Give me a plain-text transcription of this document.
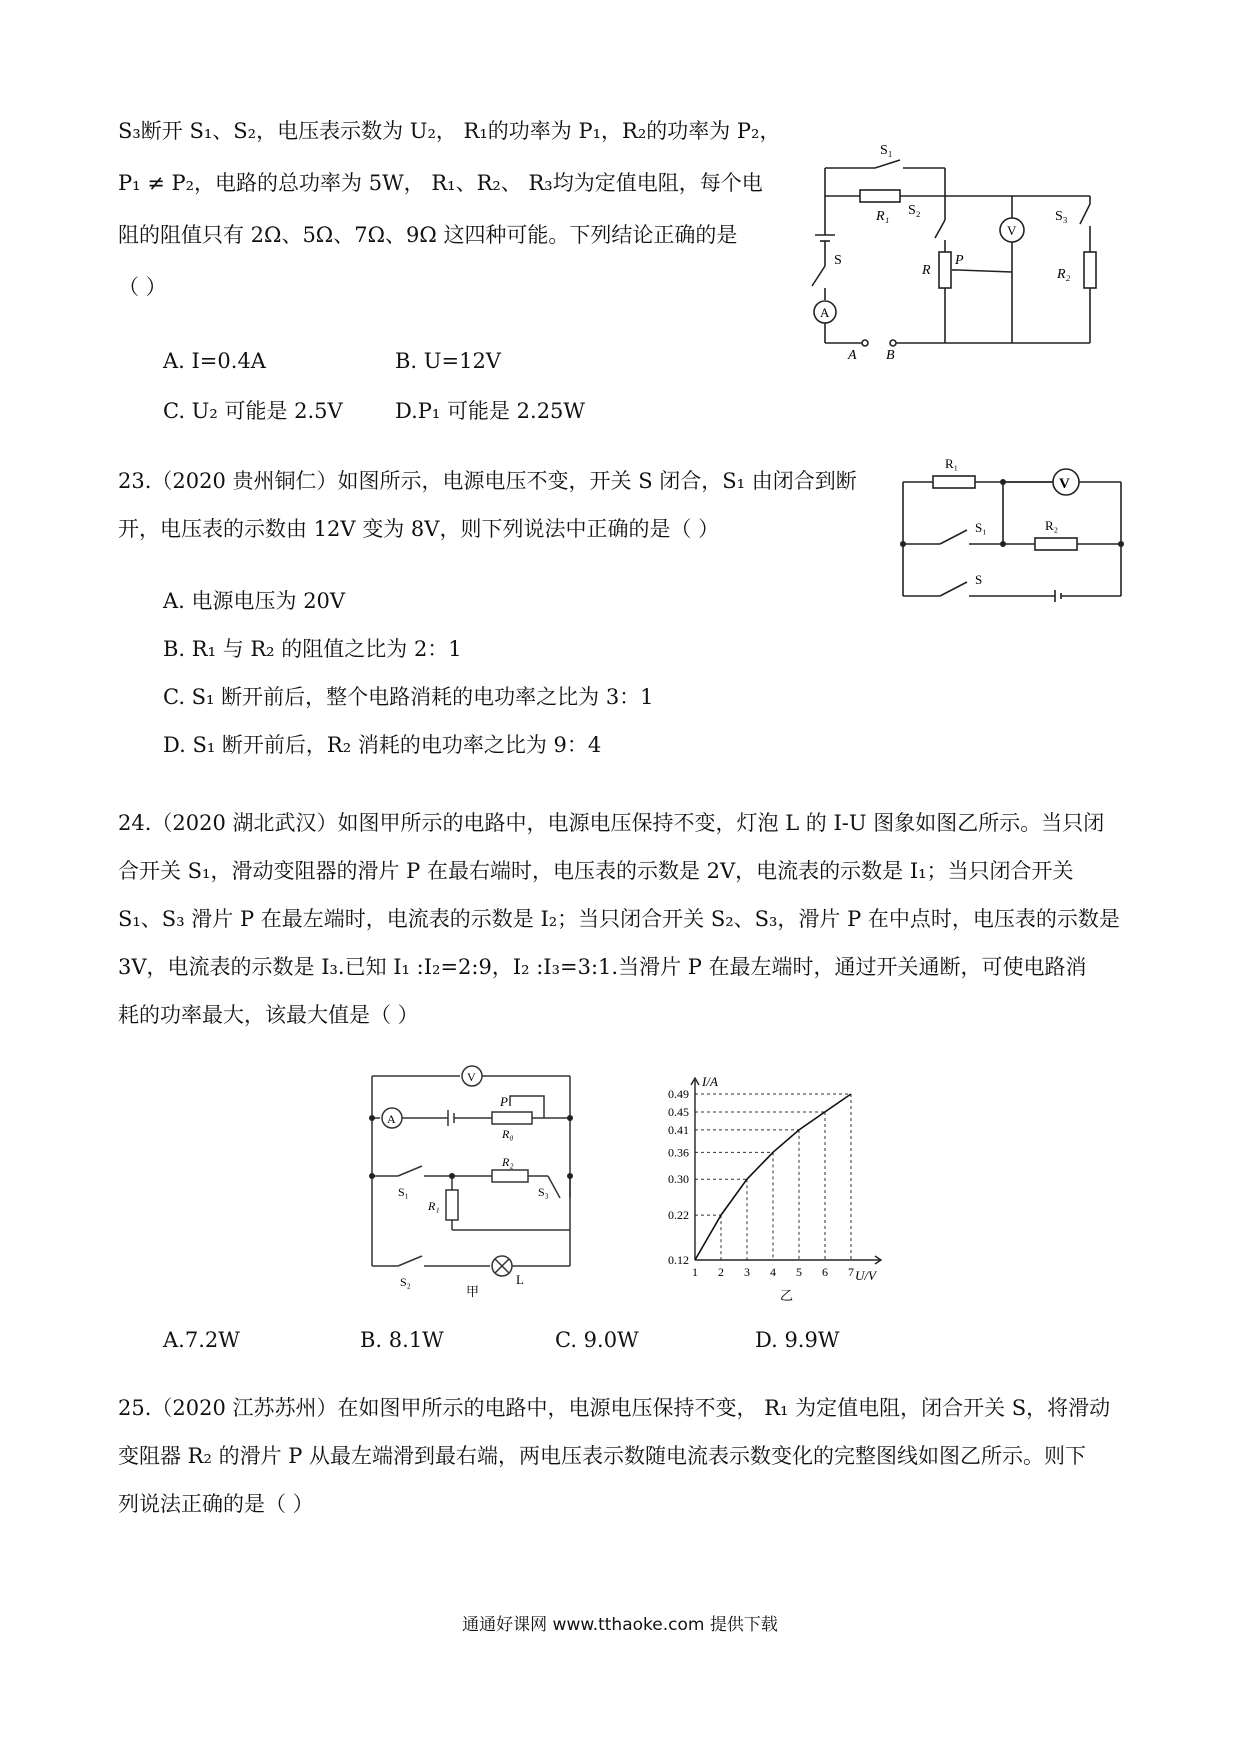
S₃断开 S₁、S₂，电压表示数为 U₂， R₁的功率为 P₁，R₂的功率为 P₂，
P₁ ≠ P₂，电路的总功率为 5W， R₁、R₂、 R₃均为定值电阻，每个电
阻的阻值只有 2Ω、5Ω、7Ω、9Ω 这四种可能。下列结论正确的是
（ ）
A. I=0.4A	B. U=12V
C. U₂ 可能是 2.5V D.P₁ 可能是 2.25W
S₁
R₁ S₂
V
S₃
S
A
R
P
R₂
A B
23.（2020 贵州铜仁）如图所示，电源电压不变，开关 S 闭合，S₁ 由闭合到断
开，电压表的示数由 12V 变为 8V，则下列说法中正确的是（ ）
A. 电源电压为 20V
B. R₁ 与 R₂ 的阻值之比为 2：1
C. S₁ 断开前后，整个电路消耗的电功率之比为 3：1
D. S₁ 断开前后，R₂ 消耗的电功率之比为 9：4
R₁
V
S₁	R₂
S
24.（2020 湖北武汉）如图甲所示的电路中，电源电压保持不变，灯泡 L 的 I-U 图象如图乙所示。当只闭
合开关 S₁，滑动变阻器的滑片 P 在最右端时，电压表的示数是 2V，电流表的示数是 I₁；当只闭合开关
S₁、S₃ 滑片 P 在最左端时，电流表的示数是 I₂；当只闭合开关 S₂、S₃，滑片 P 在中点时，电压表的示数是
3V，电流表的示数是 I₃.已知 I₁ :I₂=2:9，I₂ :I₃=3:1.当滑片 P 在最左端时，通过开关通断，可使电路消
耗的功率最大，该最大值是（ ）
V
A
P
R₀
S₁
R₂
R₁
S₃
S₂	L
甲
0.12
0.22
0.30
0.36
0.41
0.45
0.49
1 2 3 4 5 6 7
I/A
U/V
乙
A.7.2W	B. 8.1W	C. 9.0W	D. 9.9W
25.（2020 江苏苏州）在如图甲所示的电路中，电源电压保持不变， R₁ 为定值电阻，闭合开关 S，将滑动
变阻器 R₂ 的滑片 P 从最左端滑到最右端，两电压表示数随电流表示数变化的完整图线如图乙所示。则下
列说法正确的是（ ）
通通好课网 www.tthaoke.com 提供下载
